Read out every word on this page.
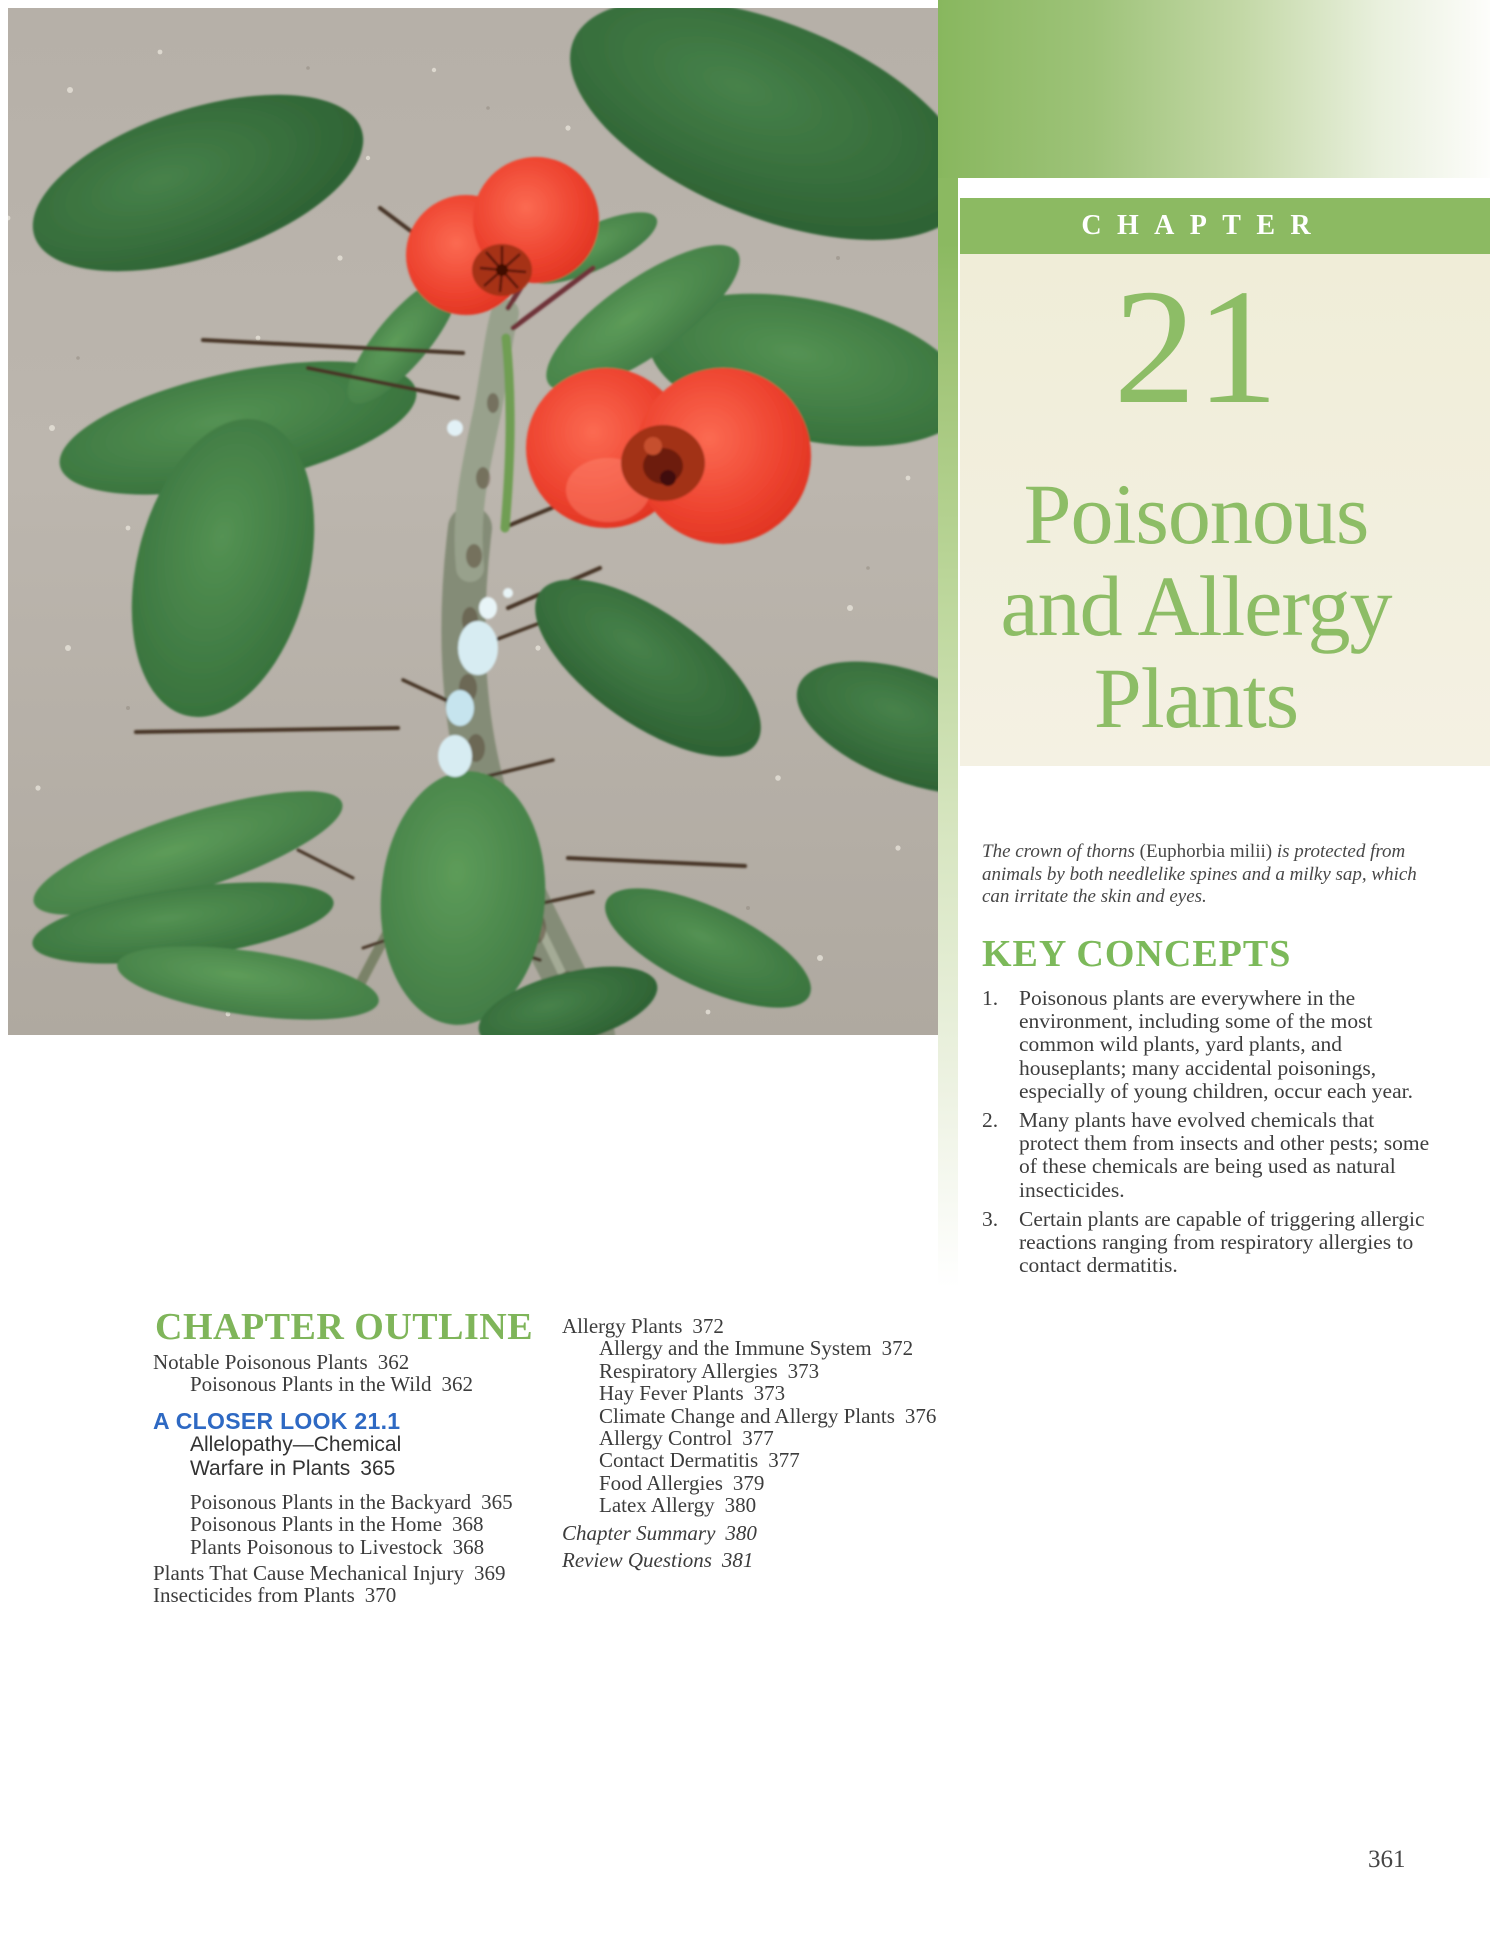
CHAPTER
21
Poisonous
and Allergy
Plants

The crown of thorns (Euphorbia milii) is protected from animals by both needlelike spines and a milky sap, which can irritate the skin and eyes.

KEY CONCEPTS
1. Poisonous plants are everywhere in the environment, including some of the most common wild plants, yard plants, and houseplants; many accidental poisonings, especially of young children, occur each year.
2. Many plants have evolved chemicals that protect them from insects and other pests; some of these chemicals are being used as natural insecticides.
3. Certain plants are capable of triggering allergic reactions ranging from respiratory allergies to contact dermatitis.
CHAPTER OUTLINE
Notable Poisonous Plants 362
Poisonous Plants in the Wild 362
A CLOSER LOOK 21.1
Allelopathy—Chemical Warfare in Plants 365
Poisonous Plants in the Backyard 365
Poisonous Plants in the Home 368
Plants Poisonous to Livestock 368
Plants That Cause Mechanical Injury 369
Insecticides from Plants 370
Allergy Plants 372
Allergy and the Immune System 372
Respiratory Allergies 373
Hay Fever Plants 373
Climate Change and Allergy Plants 376
Allergy Control 377
Contact Dermatitis 377
Food Allergies 379
Latex Allergy 380
Chapter Summary 380
Review Questions 381
361
